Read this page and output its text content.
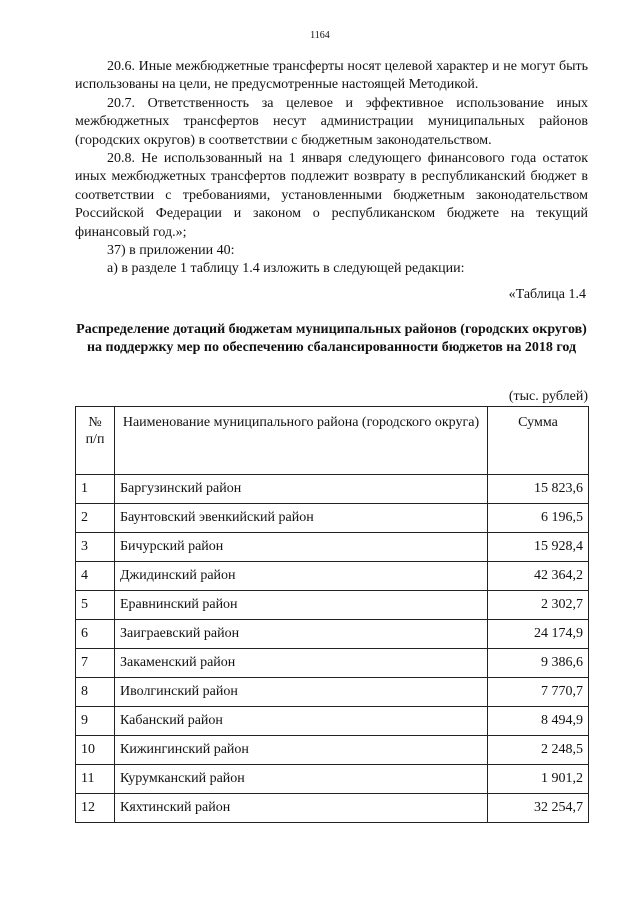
1164

20.6. Иные межбюджетные трансферты носят целевой характер и не могут быть использованы на цели, не предусмотренные настоящей Методикой.

20.7. Ответственность за целевое и эффективное использование иных межбюджетных трансфертов несут администрации муниципальных районов (городских округов) в соответствии с бюджетным законодательством.

20.8. Не использованный на 1 января следующего финансового года остаток иных межбюджетных трансфертов подлежит возврату в республиканский бюджет в соответствии с требованиями, установленными бюджетным законодательством Российской Федерации и законом о республиканском бюджете на текущий финансовый год.»;

37) в приложении 40:

а) в разделе 1 таблицу 1.4 изложить в следующей редакции:

«Таблица 1.4
Распределение дотаций бюджетам муниципальных районов (городских округов) на поддержку мер по обеспечению сбалансированности бюджетов на 2018 год
(тыс. рублей)
№ п/п	Наименование муниципального района (городского округа)	Сумма
1	Баргузинский район	15 823,6
2	Баунтовский эвенкийский район	6 196,5
3	Бичурский район	15 928,4
4	Джидинский район	42 364,2
5	Еравнинский район	2 302,7
6	Заиграевский район	24 174,9
7	Закаменский район	9 386,6
8	Иволгинский район	7 770,7
9	Кабанский район	8 494,9
10	Кижингинский район	2 248,5
11	Курумканский район	1 901,2
12	Кяхтинский район	32 254,7
